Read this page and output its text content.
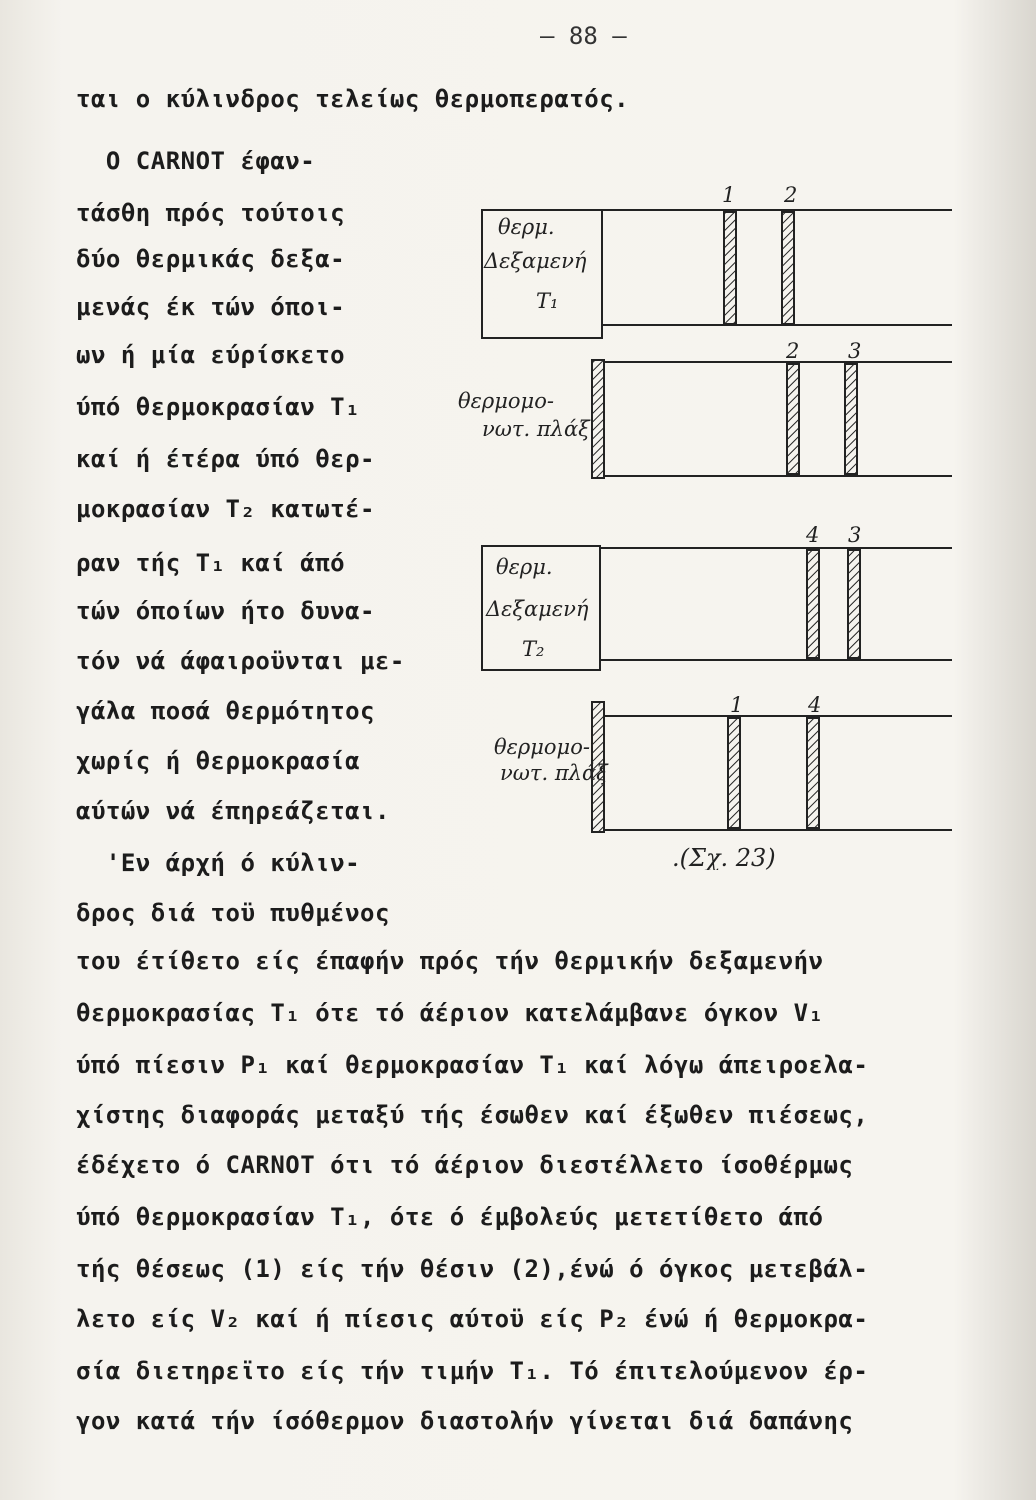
– 88 –
ται ο κύλινδρος τελείως θερμοπερατός.
Ο CARNOT έφαν-
τάσθη πρός τούτοις
δύο θερμικάς δεξα-
μενάς έκ τών όποι-
ων ή μία εύρίσκετο
ύπό θερμοκρασίαν T₁
καί ή έτέρα ύπό θερ-
μοκρασίαν T₂ κατωτέ-
ραν τής T₁ καί άπό
τών όποίων ήτο δυνα-
τόν νά άφαιροϋνται με-
γάλα ποσά θερμότητος
χωρίς ή θερμοκρασία
αύτών νά έπηρεάζεται.
'Εν άρχή ό κύλιν-
δρος διά τοϋ πυθμένος
του έτίθετο είς έπαφήν πρός τήν θερμικήν δεξαμενήν
θερμοκρασίας T₁ ότε τό άέριον κατελάμβανε όγκον V₁
ύπό πίεσιν P₁ καί θερμοκρασίαν T₁ καί λόγω άπειροελα-
χίστης διαφοράς μεταξύ τής έσωθεν καί έξωθεν πιέσεως,
έδέχετο ό CARNOT ότι τό άέριον διεστέλλετο ίσοθέρμως
ύπό θερμοκρασίαν T₁, ότε ό έμβολεύς μετετίθετο άπό
τής θέσεως (1) είς τήν θέσιν (2),ένώ ό όγκος μετεβάλ-
λετο είς V₂ καί ή πίεσις αύτοϋ είς P₂ ένώ ή θερμοκρα-
σία διετηρεϊτο είς τήν τιμήν T₁. Τό έπιτελούμενον έρ-
γον κατά τήν ίσόθερμον διαστολήν γίνεται διά δαπάνης
θερμ.
Δεξαμενή
T₁
1 2
θερμομο-
νωτ. πλάξ
2 3
θερμ.
Δεξαμενή
T₂
4 3
θερμομο-
νωτ. πλάξ
1	4
.(Σχ. 23)
